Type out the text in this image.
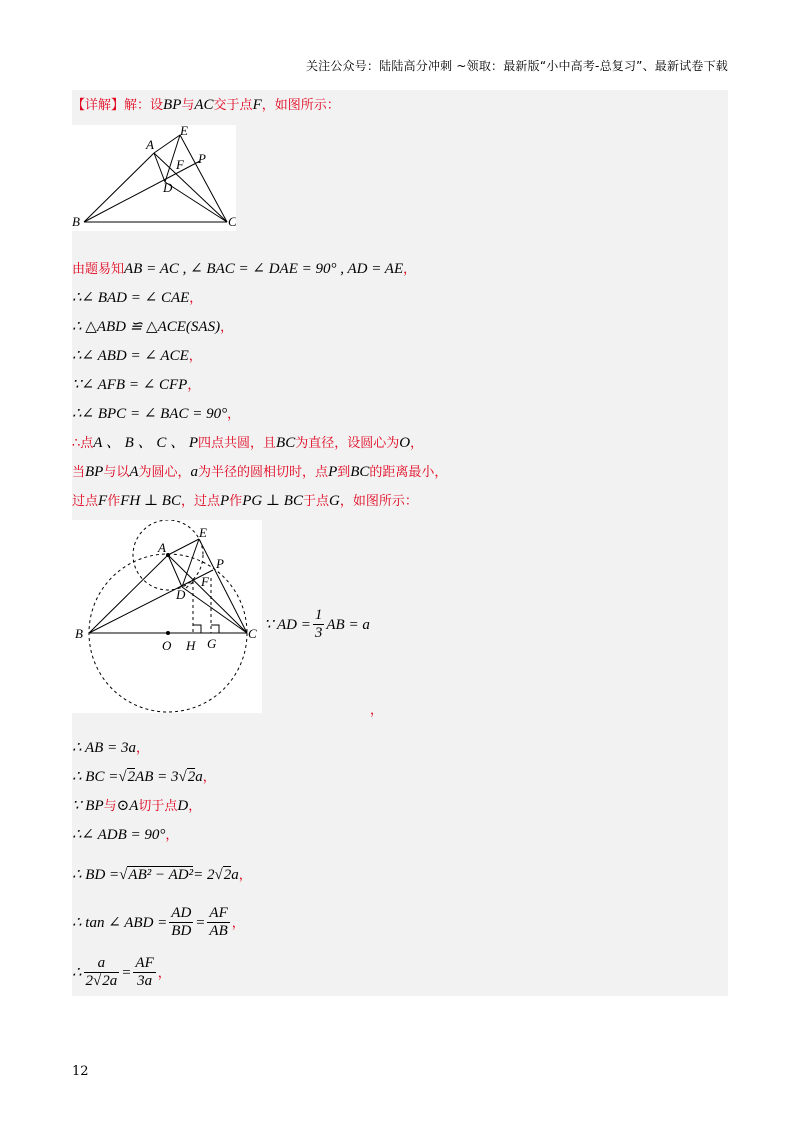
关注公众号：陆陆高分冲刺 ~领取：最新版“小中高考-总复习”、最新试卷下载
【详解】解：设BP与AC交于点F，如图所示：
A
E
F P
D
B	C
由题易知AB = AC , ∠ BAC = ∠ DAE = 90° , AD = AE，
∴∠ BAD = ∠ CAE，
∴ △ABD ≌ △ACE(SAS)，
∴∠ ABD = ∠ ACE，
∵∠ AFB = ∠ CFP，
∴∠ BPC = ∠ BAC = 90°，
∴点A 、 B 、 C 、 P四点共圆，且BC为直径，设圆心为O，
当BP与以A为圆心，a为半径的圆相切时，点P到BC的距离最小，
过点F作FH ⊥ BC，过点P作PG ⊥ BC于点G，如图所示：
A
E
P
F
D
B	C
O H G
∵ AD = $\frac{1}{3}$ AB = a
，
∴ AB = 3a，
∴ BC =√2AB = 3√2a，
∵ BP与⊙A切于点D，
∴∠ ADB = 90°，
∴ BD =√AB² − AD²= 2√2a，
∴ tan ∠ ABD = $\frac{AD}{BD} = \frac{AF}{AB}$ ，
∴ $\frac{a}{2√2a} = \frac{AF}{3a}$ ，
12
